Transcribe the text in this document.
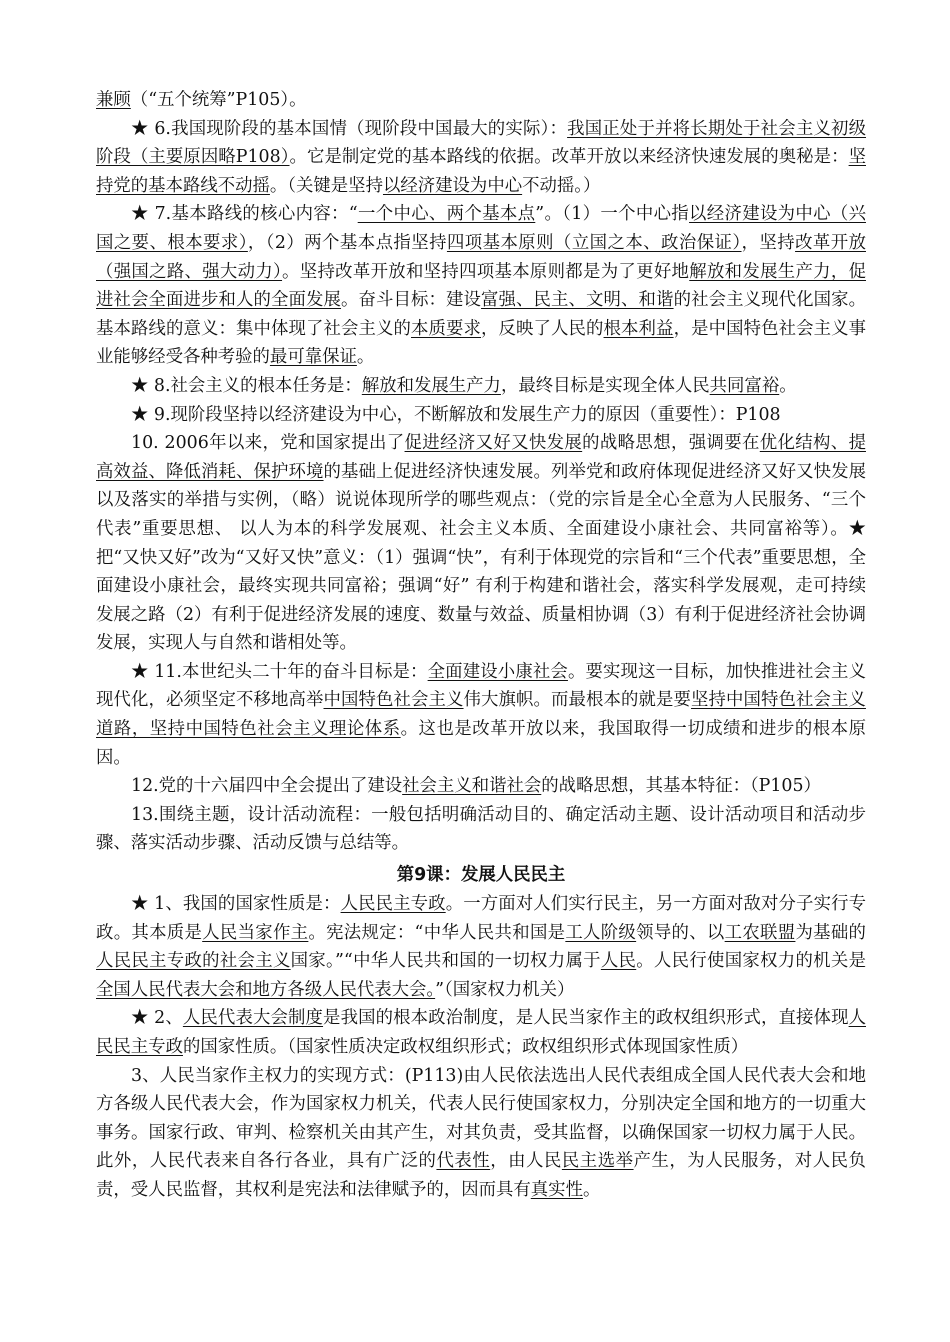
兼顾（“五个统筹”P105）。

★ 6.我国现阶段的基本国情（现阶段中国最大的实际）：我国正处于并将长期处于社会主义初级阶段（主要原因略P108）。它是制定党的基本路线的依据。改革开放以来经济快速发展的奥秘是：坚持党的基本路线不动摇。（关键是坚持以经济建设为中心不动摇。）

★ 7.基本路线的核心内容：“一个中心、两个基本点”。（1）一个中心指以经济建设为中心（兴国之要、根本要求），（2）两个基本点指坚持四项基本原则（立国之本、政治保证），坚持改革开放（强国之路、强大动力）。坚持改革开放和坚持四项基本原则都是为了更好地解放和发展生产力，促进社会全面进步和人的全面发展。奋斗目标：建设富强、民主、文明、和谐的社会主义现代化国家。基本路线的意义：集中体现了社会主义的本质要求，反映了人民的根本利益，是中国特色社会主义事业能够经受各种考验的最可靠保证。

★ 8.社会主义的根本任务是：解放和发展生产力，最终目标是实现全体人民共同富裕。

★ 9.现阶段坚持以经济建设为中心，不断解放和发展生产力的原因（重要性）：P108

10. 2006年以来，党和国家提出了促进经济又好又快发展的战略思想，强调要在优化结构、提高效益、降低消耗、保护环境的基础上促进经济快速发展。列举党和政府体现促进经济又好又快发展以及落实的举措与实例，（略）说说体现所学的哪些观点：（党的宗旨是全心全意为人民服务、“三个代表”重要思想、 以人为本的科学发展观、社会主义本质、全面建设小康社会、共同富裕等）。★把“又快又好”改为“又好又快”意义：（1）强调“快”，有利于体现党的宗旨和“三个代表”重要思想，全面建设小康社会，最终实现共同富裕；强调“好” 有利于构建和谐社会，落实科学发展观，走可持续发展之路（2）有利于促进经济发展的速度、数量与效益、质量相协调（3）有利于促进经济社会协调发展，实现人与自然和谐相处等。

★ 11.本世纪头二十年的奋斗目标是：全面建设小康社会。要实现这一目标，加快推进社会主义现代化，必须坚定不移地高举中国特色社会主义伟大旗帜。而最根本的就是要坚持中国特色社会主义道路，坚持中国特色社会主义理论体系。这也是改革开放以来，我国取得一切成绩和进步的根本原因。

12.党的十六届四中全会提出了建设社会主义和谐社会的战略思想，其基本特征：（P105）

13.围绕主题，设计活动流程：一般包括明确活动目的、确定活动主题、设计活动项目和活动步骤、落实活动步骤、活动反馈与总结等。

第9课：发展人民民主

★ 1、我国的国家性质是：人民民主专政。一方面对人们实行民主，另一方面对敌对分子实行专政。其本质是人民当家作主。宪法规定：“中华人民共和国是工人阶级领导的、以工农联盟为基础的人民民主专政的社会主义国家。”“中华人民共和国的一切权力属于人民。人民行使国家权力的机关是全国人民代表大会和地方各级人民代表大会。”（国家权力机关）

★ 2、人民代表大会制度是我国的根本政治制度，是人民当家作主的政权组织形式，直接体现人民民主专政的国家性质。（国家性质决定政权组织形式；政权组织形式体现国家性质）

3、人民当家作主权力的实现方式：(P113)由人民依法选出人民代表组成全国人民代表大会和地方各级人民代表大会，作为国家权力机关，代表人民行使国家权力，分别决定全国和地方的一切重大事务。国家行政、审判、检察机关由其产生，对其负责，受其监督，以确保国家一切权力属于人民。此外，人民代表来自各行各业，具有广泛的代表性，由人民民主选举产生，为人民服务，对人民负责，受人民监督，其权利是宪法和法律赋予的，因而具有真实性。
